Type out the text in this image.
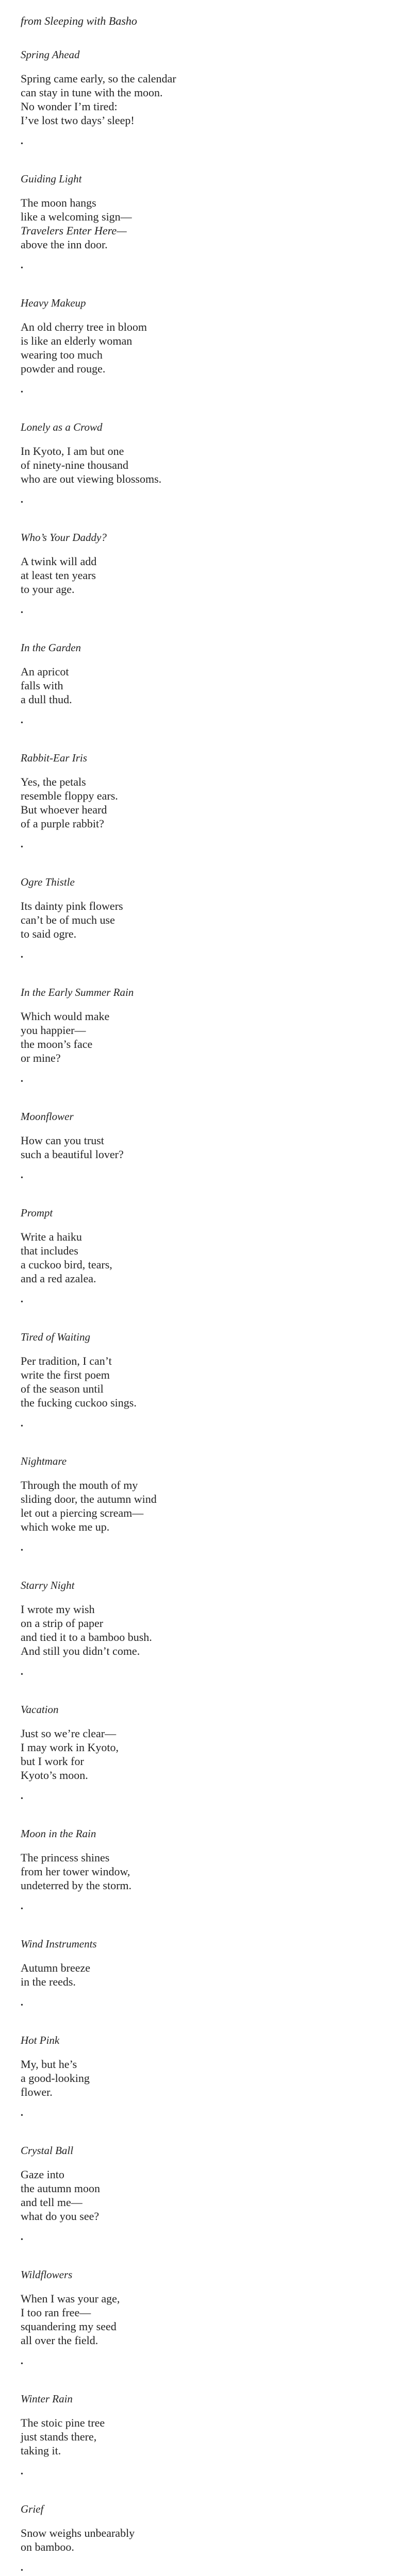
from Sleeping with Basho

Spring Ahead

Spring came early, so the calendar
can stay in tune with the moon.
No wonder I’m tired:
I’ve lost two days’ sleep!
•

Guiding Light

The moon hangs
like a welcoming sign—
Travelers Enter Here—
above the inn door.
•

Heavy Makeup

An old cherry tree in bloom
is like an elderly woman
wearing too much
powder and rouge.
•

Lonely as a Crowd

In Kyoto, I am but one
of ninety-nine thousand
who are out viewing blossoms.
•

Who’s Your Daddy?

A twink will add
at least ten years
to your age.
•

In the Garden

An apricot
falls with
a dull thud.
•

Rabbit-Ear Iris

Yes, the petals
resemble floppy ears.
But whoever heard
of a purple rabbit?
•

Ogre Thistle

Its dainty pink flowers
can’t be of much use
to said ogre.
•

In the Early Summer Rain

Which would make
you happier—
the moon’s face
or mine?
•

Moonflower

How can you trust
such a beautiful lover?
•

Prompt

Write a haiku
that includes
a cuckoo bird, tears,
and a red azalea.
•

Tired of Waiting

Per tradition, I can’t
write the first poem
of the season until
the fucking cuckoo sings.
•

Nightmare

Through the mouth of my
sliding door, the autumn wind
let out a piercing scream—
which woke me up.
•

Starry Night

I wrote my wish
on a strip of paper
and tied it to a bamboo bush.
And still you didn’t come.
•

Vacation

Just so we’re clear—
I may work in Kyoto,
but I work for
Kyoto’s moon.
•

Moon in the Rain

The princess shines
from her tower window,
undeterred by the storm.
•

Wind Instruments

Autumn breeze
in the reeds.
•

Hot Pink

My, but he’s
a good-looking
flower.
•

Crystal Ball

Gaze into
the autumn moon
and tell me—
what do you see?
•

Wildflowers

When I was your age,
I too ran free—
squandering my seed
all over the field.
•

Winter Rain

The stoic pine tree
just stands there,
taking it.
•

Grief

Snow weighs unbearably
on bamboo.
•
